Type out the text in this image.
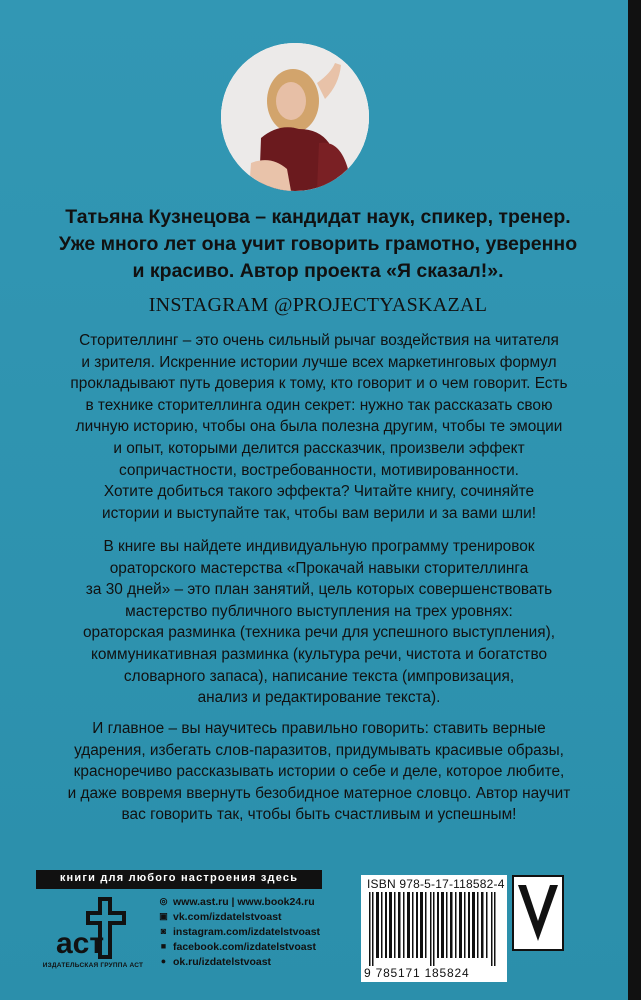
Татьяна Кузнецова – кандидат наук, спикер, тренер.
Уже много лет она учит говорить грамотно, уверенно
и красиво. Автор проекта «Я сказал!».
INSTAGRAM @PROJECTYASKAZAL
Сторителлинг – это очень сильный рычаг воздействия на читателя
и зрителя. Искренние истории лучше всех маркетинговых формул
прокладывают путь доверия к тому, кто говорит и о чем говорит. Есть
в технике сторителлинга один секрет: нужно так рассказать свою
личную историю, чтобы она была полезна другим, чтобы те эмоции
и опыт, которыми делится рассказчик, произвели эффект
сопричастности, востребованности, мотивированности.
Хотите добиться такого эффекта? Читайте книгу, сочиняйте
истории и выступайте так, чтобы вам верили и за вами шли!
В книге вы найдете индивидуальную программу тренировок
ораторского мастерства «Прокачай навыки сторителлинга
за 30 дней» – это план занятий, цель которых совершенствовать
мастерство публичного выступления на трех уровнях:
ораторская разминка (техника речи для успешного выступления),
коммуникативная разминка (культура речи, чистота и богатство
словарного запаса), написание текста (импровизация,
анализ и редактирование текста).
И главное – вы научитесь правильно говорить: ставить верные
ударения, избегать слов-паразитов, придумывать красивые образы,
красноречиво рассказывать истории о себе и деле, которое любите,
и даже вовремя ввернуть безобидное матерное словцо. Автор научит
вас говорить так, чтобы быть счастливым и успешным!
книги для любого настроения здесь
аст
ИЗДАТЕЛЬСКАЯ ГРУППА АСТ
◎ www.ast.ru | www.book24.ru
▣ vk.com/izdatelstvoast
◙ instagram.com/izdatelstvoast
■ facebook.com/izdatelstvoast
● ok.ru/izdatelstvoast
ISBN 978-5-17-118582-4
9 785171 185824
V
